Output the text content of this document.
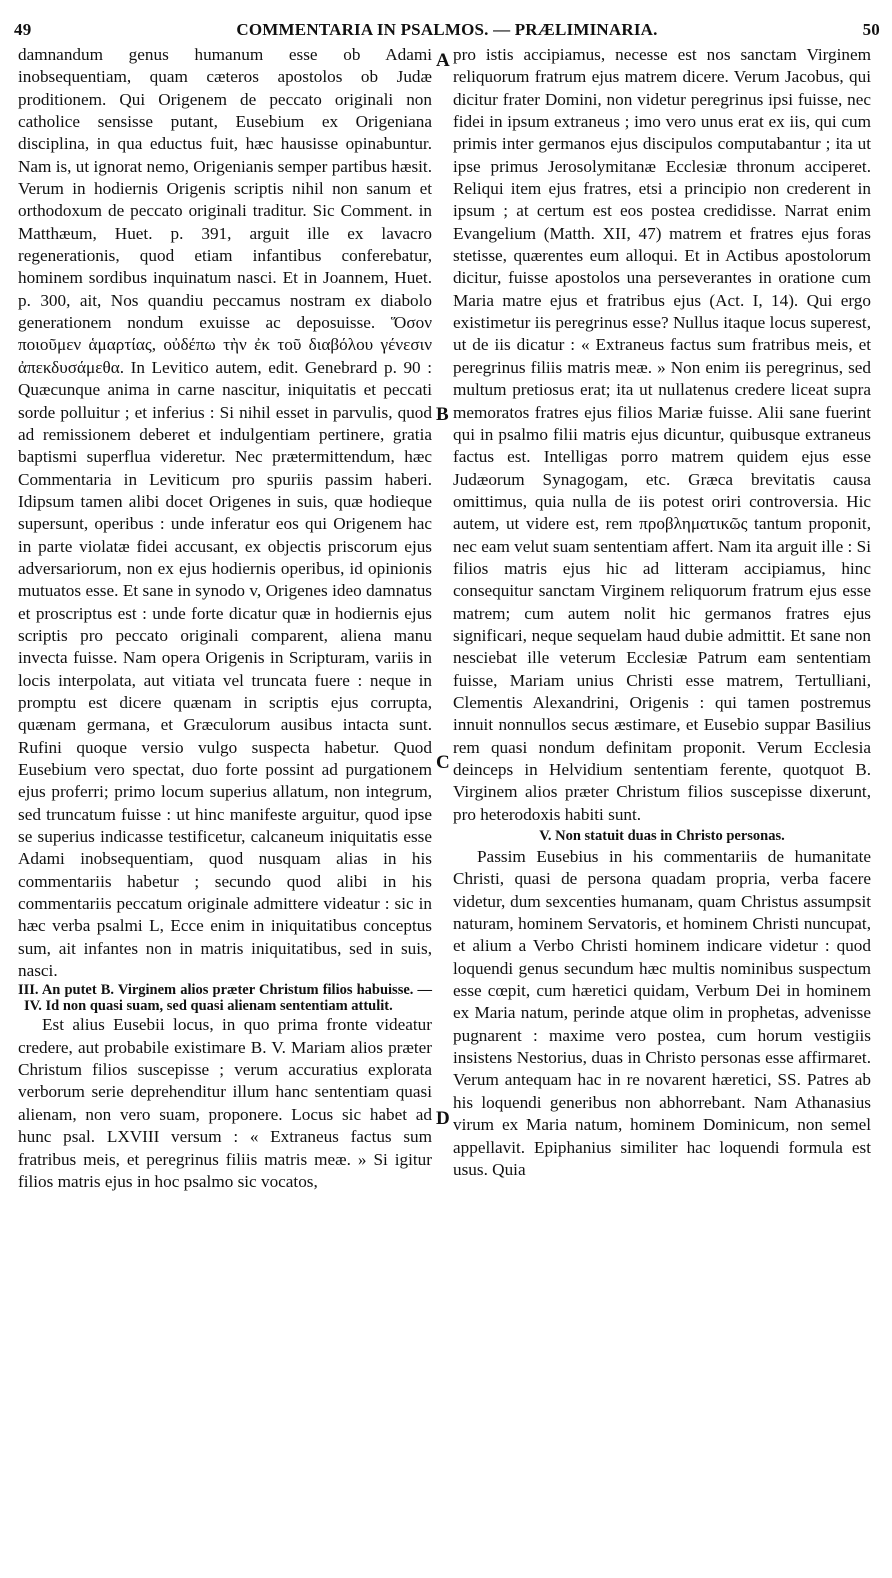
49	COMMENTARIA IN PSALMOS. — PRÆLIMINARIA.	50
A
B
C
D

damnandum genus humanum esse ob Adami inobsequentiam, quam cæteros apostolos ob Judæ proditionem. Qui Origenem de peccato originali non catholice sensisse putant, Eusebium ex Origeniana disciplina, in qua eductus fuit, hæc hausisse opinabuntur. Nam is, ut ignorat nemo, Origenianis semper partibus hæsit. Verum in hodiernis Origenis scriptis nihil non sanum et orthodoxum de peccato originali traditur. Sic Comment. in Matthæum, Huet. p. 391, arguit ille ex lavacro regenerationis, quod etiam infantibus conferebatur, hominem sordibus inquinatum nasci. Et in Joannem, Huet. p. 300, ait, Nos quandiu peccamus nostram ex diabolo generationem nondum exuisse ac deposuisse. Ὅσον ποιοῦμεν ἁμαρτίας, οὐδέπω τὴν ἐκ τοῦ διαβόλου γένεσιν ἀπεκδυσάμεθα. In Levitico autem, edit. Genebrard p. 90 : Quæcunque anima in carne nascitur, iniquitatis et peccati sorde polluitur ; et inferius : Si nihil esset in parvulis, quod ad remissionem deberet et indulgentiam pertinere, gratia baptismi superflua videretur. Nec prætermittendum, hæc Commentaria in Leviticum pro spuriis passim haberi. Idipsum tamen alibi docet Origenes in suis, quæ hodieque supersunt, operibus : unde inferatur eos qui Origenem hac in parte violatæ fidei accusant, ex objectis priscorum ejus adversariorum, non ex ejus hodiernis operibus, id opinionis mutuatos esse. Et sane in synodo v, Origenes ideo damnatus et proscriptus est : unde forte dicatur quæ in hodiernis ejus scriptis pro peccato originali comparent, aliena manu invecta fuisse. Nam opera Origenis in Scripturam, variis in locis interpolata, aut vitiata vel truncata fuere : neque in promptu est dicere quænam in scriptis ejus corrupta, quænam germana, et Græculorum ausibus intacta sunt. Rufini quoque versio vulgo suspecta habetur. Quod Eusebium vero spectat, duo forte possint ad purgationem ejus proferri; primo locum superius allatum, non integrum, sed truncatum fuisse : ut hinc manifeste arguitur, quod ipse se superius indicasse testificetur, calcaneum iniquitatis esse Adami inobsequentiam, quod nusquam alias in his commentariis habetur ; secundo quod alibi in his commentariis peccatum originale admittere videatur : sic in hæc verba psalmi L, Ecce enim in iniquitatibus conceptus sum, ait infantes non in matris iniquitatibus, sed in suis, nasci.

III. An putet B. Virginem alios præter Christum filios habuisse. — IV. Id non quasi suam, sed quasi alienam sententiam attulit.

Est alius Eusebii locus, in quo prima fronte videatur credere, aut probabile existimare B. V. Mariam alios præter Christum filios suscepisse ; verum accuratius explorata verborum serie deprehenditur illum hanc sententiam quasi alienam, non vero suam, proponere. Locus sic habet ad hunc psal. LXVIII versum : « Extraneus factus sum fratribus meis, et peregrinus filiis matris meæ. » Si igitur filios matris ejus in hoc psalmo sic vocatos,

pro istis accipiamus, necesse est nos sanctam Virginem reliquorum fratrum ejus matrem dicere. Verum Jacobus, qui dicitur frater Domini, non videtur peregrinus ipsi fuisse, nec fidei in ipsum extraneus ; imo vero unus erat ex iis, qui cum primis inter germanos ejus discipulos computabantur ; ita ut ipse primus Jerosolymitanæ Ecclesiæ thronum acciperet. Reliqui item ejus fratres, etsi a principio non crederent in ipsum ; at certum est eos postea credidisse. Narrat enim Evangelium (Matth. XII, 47) matrem et fratres ejus foras stetisse, quærentes eum alloqui. Et in Actibus apostolorum dicitur, fuisse apostolos una perseverantes in oratione cum Maria matre ejus et fratribus ejus (Act. I, 14). Qui ergo existimetur iis peregrinus esse? Nullus itaque locus superest, ut de iis dicatur : « Extraneus factus sum fratribus meis, et peregrinus filiis matris meæ. » Non enim iis peregrinus, sed multum pretiosus erat; ita ut nullatenus credere liceat supra memoratos fratres ejus filios Mariæ fuisse. Alii sane fuerint qui in psalmo filii matris ejus dicuntur, quibusque extraneus factus est. Intelligas porro matrem quidem ejus esse Judæorum Synagogam, etc. Græca brevitatis causa omittimus, quia nulla de iis potest oriri controversia. Hic autem, ut videre est, rem προβληματικῶς tantum proponit, nec eam velut suam sententiam affert. Nam ita arguit ille : Si filios matris ejus hic ad litteram accipiamus, hinc consequitur sanctam Virginem reliquorum fratrum ejus esse matrem; cum autem nolit hic germanos fratres ejus significari, neque sequelam haud dubie admittit. Et sane non nesciebat ille veterum Ecclesiæ Patrum eam sententiam fuisse, Mariam unius Christi esse matrem, Tertulliani, Clementis Alexandrini, Origenis : qui tamen postremus innuit nonnullos secus æstimare, et Eusebio suppar Basilius rem quasi nondum definitam proponit. Verum Ecclesia deinceps in Helvidium sententiam ferente, quotquot B. Virginem alios præter Christum filios suscepisse dixerunt, pro heterodoxis habiti sunt.

V. Non statuit duas in Christo personas.

Passim Eusebius in his commentariis de humanitate Christi, quasi de persona quadam propria, verba facere videtur, dum sexcenties humanam, quam Christus assumpsit naturam, hominem Servatoris, et hominem Christi nuncupat, et alium a Verbo Christi hominem indicare videtur : quod loquendi genus secundum hæc multis nominibus suspectum esse cœpit, cum hæretici quidam, Verbum Dei in hominem ex Maria natum, perinde atque olim in prophetas, advenisse pugnarent : maxime vero postea, cum horum vestigiis insistens Nestorius, duas in Christo personas esse affirmaret. Verum antequam hac in re novarent hæretici, SS. Patres ab his loquendi generibus non abhorrebant. Nam Athanasius virum ex Maria natum, hominem Dominicum, non semel appellavit. Epiphanius similiter hac loquendi formula est usus. Quia
